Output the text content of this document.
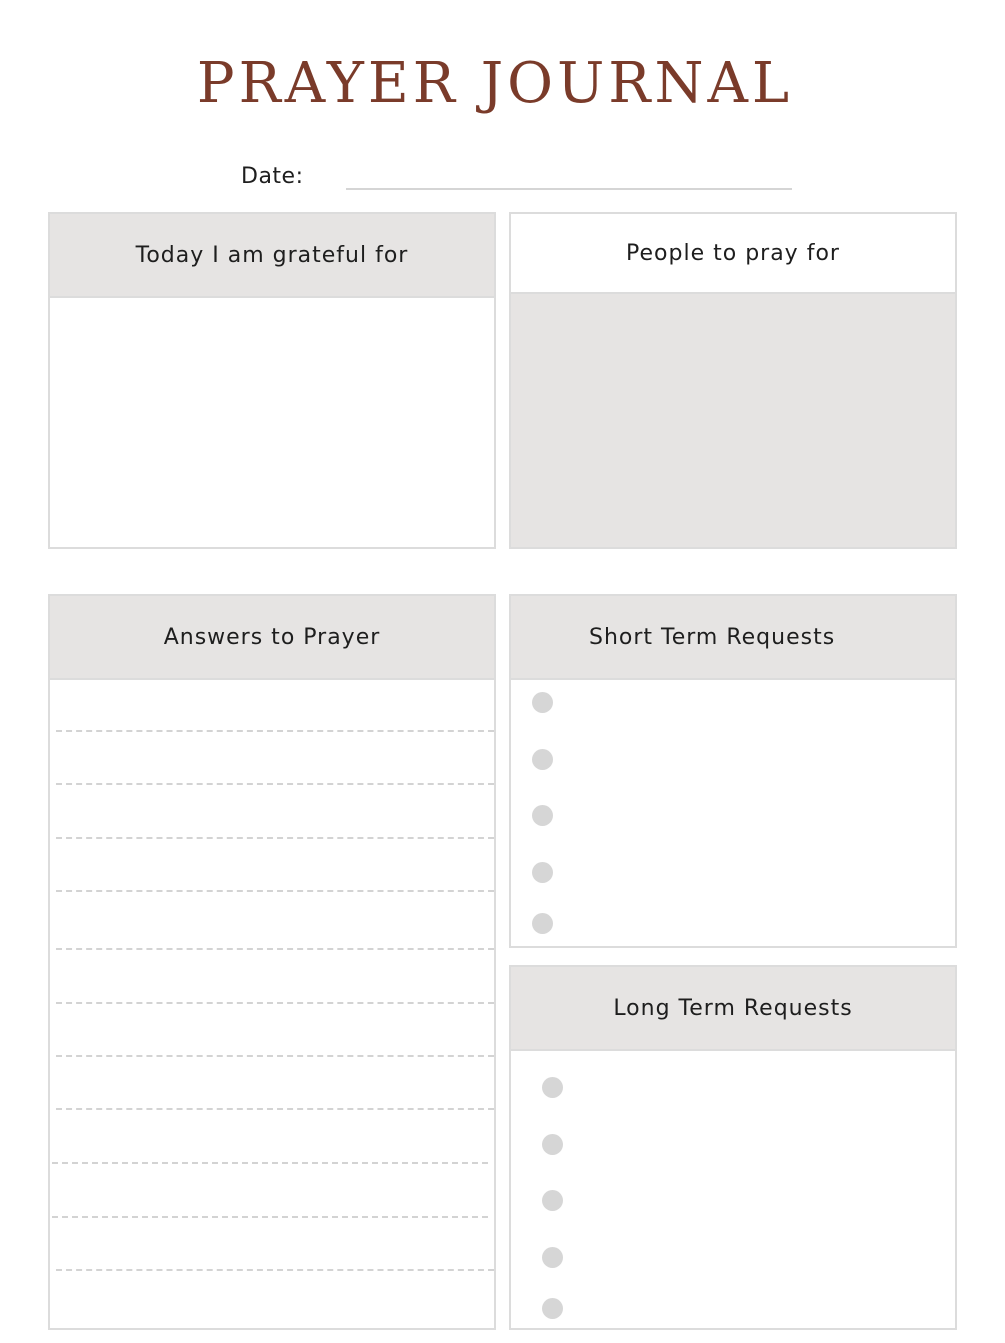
PRAYER JOURNAL
Date:
Today I am grateful for	People to pray for
Answers to Prayer	Short Term Requests
Long Term Requests
